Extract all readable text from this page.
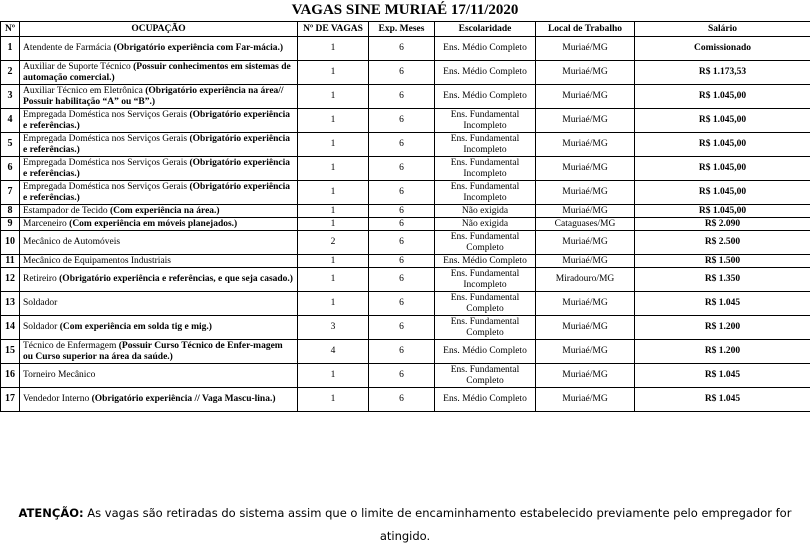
VAGAS SINE MURIAÉ 17/11/2020
Nº	OCUPAÇÃO	Nº DE VAGAS	Exp. Meses	Escolaridade	Local de Trabalho	Salário
1	Atendente de Farmácia (Obrigatório experiência com Far-mácia.)	1	6	Ens. Médio Completo	Muriaé/MG	Comissionado
2	Auxiliar de Suporte Técnico (Possuir conhecimentos em sistemas de automação comercial.)	1	6	Ens. Médio Completo	Muriaé/MG	R$ 1.173,53
3	Auxiliar Técnico em Eletrônica (Obrigatório experiência na área// Possuir habilitação “A” ou “B”.)	1	6	Ens. Médio Completo	Muriaé/MG	R$ 1.045,00
4	Empregada Doméstica nos Serviços Gerais (Obrigatório experiência e referências.)	1	6	Ens. Fundamental Incompleto	Muriaé/MG	R$ 1.045,00
5	Empregada Doméstica nos Serviços Gerais (Obrigatório experiência e referências.)	1	6	Ens. Fundamental Incompleto	Muriaé/MG	R$ 1.045,00
6	Empregada Doméstica nos Serviços Gerais (Obrigatório experiência e referências.)	1	6	Ens. Fundamental Incompleto	Muriaé/MG	R$ 1.045,00
7	Empregada Doméstica nos Serviços Gerais (Obrigatório experiência e referências.)	1	6	Ens. Fundamental Incompleto	Muriaé/MG	R$ 1.045,00
8	Estampador de Tecido (Com experiência na área.)	1	6	Não exigida	Muriaé/MG	R$ 1.045,00
9	Marceneiro (Com experiência em móveis planejados.)	1	6	Não exigida	Cataguases/MG	R$ 2.090
10	Mecânico de Automóveis	2	6	Ens. Fundamental Completo	Muriaé/MG	R$ 2.500
11	Mecânico de Equipamentos Industriais	1	6	Ens. Médio Completo	Muriaé/MG	R$ 1.500
12	Retireiro (Obrigatório experiência e referências, e que seja casado.)	1	6	Ens. Fundamental Incompleto	Miradouro/MG	R$ 1.350
13	Soldador	1	6	Ens. Fundamental Completo	Muriaé/MG	R$ 1.045
14	Soldador (Com experiência em solda tig e mig.)	3	6	Ens. Fundamental Completo	Muriaé/MG	R$ 1.200
15	Técnico de Enfermagem (Possuir Curso Técnico de Enfer-magem ou Curso superior na área da saúde.)	4	6	Ens. Médio Completo	Muriaé/MG	R$ 1.200
16	Torneiro Mecânico	1	6	Ens. Fundamental Completo	Muriaé/MG	R$ 1.045
17	Vendedor Interno (Obrigatório experiência // Vaga Mascu-lina.)	1	6	Ens. Médio Completo	Muriaé/MG	R$ 1.045
ATENÇÃO: As vagas são retiradas do sistema assim que o limite de encaminhamento estabelecido previamente pelo empregador for atingido.
